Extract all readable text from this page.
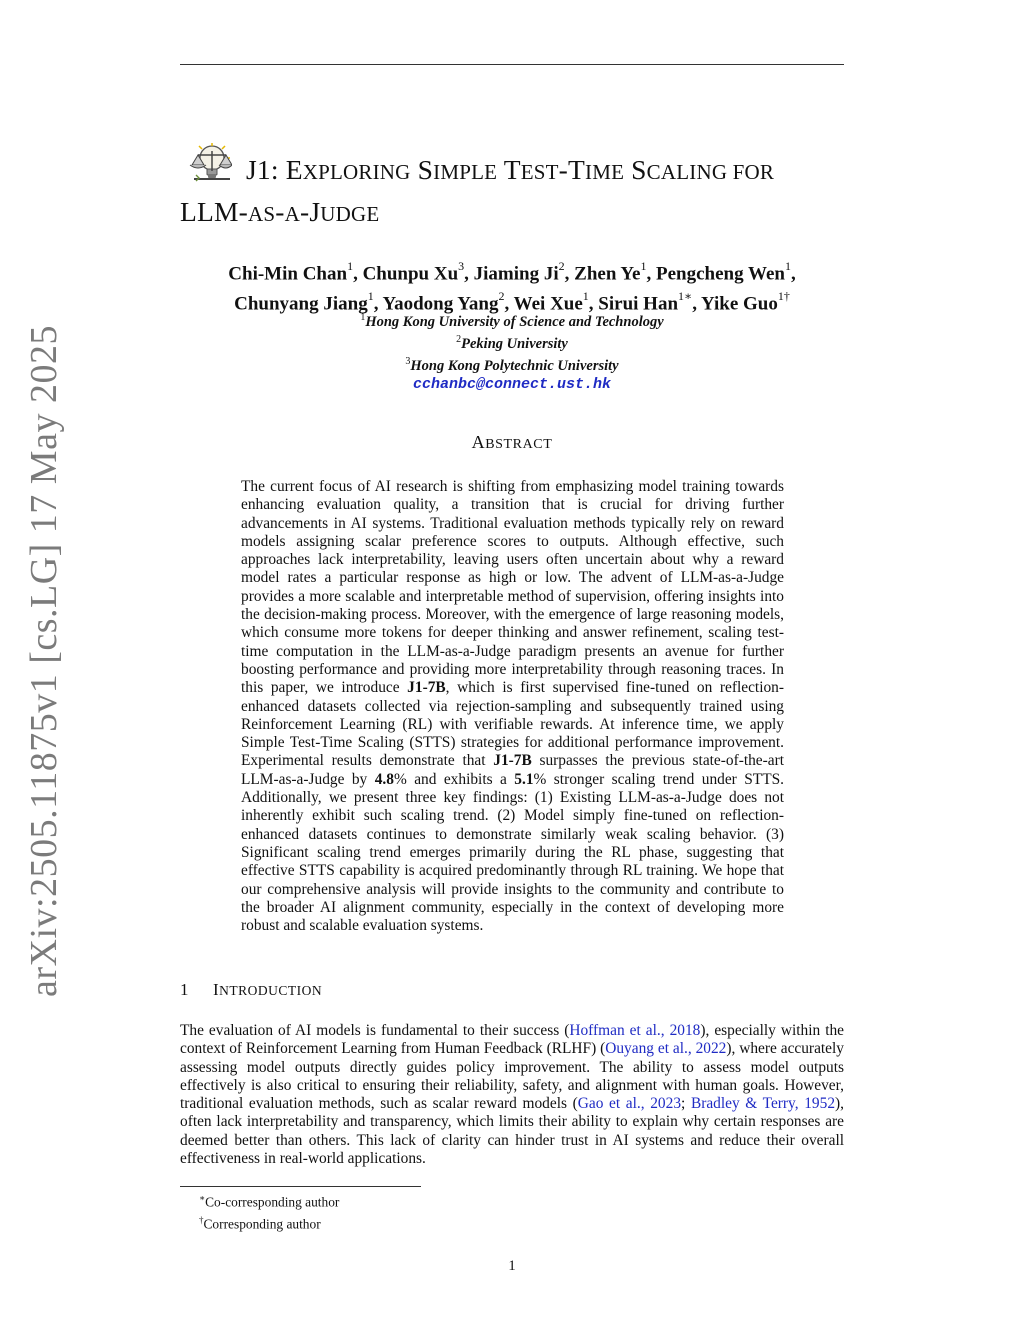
arXiv:2505.11875v1 [cs.LG] 17 May 2025
J1: EXPLORING SIMPLE TEST-TIME SCALING FOR
LLM-AS-A-JUDGE
Chi-Min Chan$^1$, Chunpu Xu$^3$, Jiaming Ji$^2$, Zhen Ye$^1$, Pengcheng Wen$^1$,
Chunyang Jiang$^1$, Yaodong Yang$^2$, Wei Xue$^1$, Sirui Han$^{1∗}$, Yike Guo$^{1\dagger}$
$^1$Hong Kong University of Science and Technology
$^2$Peking University
$^3$Hong Kong Polytechnic University
cchanbc@connect.ust.hk
ABSTRACT

The current focus of AI research is shifting from emphasizing model training towards enhancing evaluation quality, a transition that is crucial for driving further advancements in AI systems. Traditional evaluation methods typically rely on reward models assigning scalar preference scores to outputs. Although effective, such approaches lack interpretability, leaving users often uncertain about why a reward model rates a particular response as high or low. The advent of LLM-as-a-Judge provides a more scalable and interpretable method of supervision, offering insights into the decision-making process. Moreover, with the emergence of large reasoning models, which consume more tokens for deeper thinking and answer refinement, scaling test-time computation in the LLM-as-a-Judge paradigm presents an avenue for further boosting performance and providing more interpretability through reasoning traces. In this paper, we introduce J1-7B, which is first supervised fine-tuned on reflection-enhanced datasets collected via rejection-sampling and subsequently trained using Reinforcement Learning (RL) with verifiable rewards. At inference time, we apply Simple Test-Time Scaling (STTS) strategies for additional performance improvement. Experimental results demonstrate that J1-7B surpasses the previous state-of-the-art LLM-as-a-Judge by 4.8% and exhibits a 5.1% stronger scaling trend under STTS. Additionally, we present three key findings: (1) Existing LLM-as-a-Judge does not inherently exhibit such scaling trend. (2) Model simply fine-tuned on reflection-enhanced datasets continues to demonstrate similarly weak scaling behavior. (3) Significant scaling trend emerges primarily during the RL phase, suggesting that effective STTS capability is acquired predominantly through RL training. We hope that our comprehensive analysis will provide insights to the community and contribute to the broader AI alignment community, especially in the context of developing more robust and scalable evaluation systems.

1 INTRODUCTION

The evaluation of AI models is fundamental to their success (Hoffman et al., 2018), especially within the context of Reinforcement Learning from Human Feedback (RLHF) (Ouyang et al., 2022), where accurately assessing model outputs directly guides policy improvement. The ability to assess model outputs effectively is also critical to ensuring their reliability, safety, and alignment with human goals. However, traditional evaluation methods, such as scalar reward models (Gao et al., 2023; Bradley & Terry, 1952), often lack interpretability and transparency, which limits their ability to explain why certain responses are deemed better than others. This lack of clarity can hinder trust in AI systems and reduce their overall effectiveness in real-world applications.

∗Co-corresponding author
†Corresponding author
1
